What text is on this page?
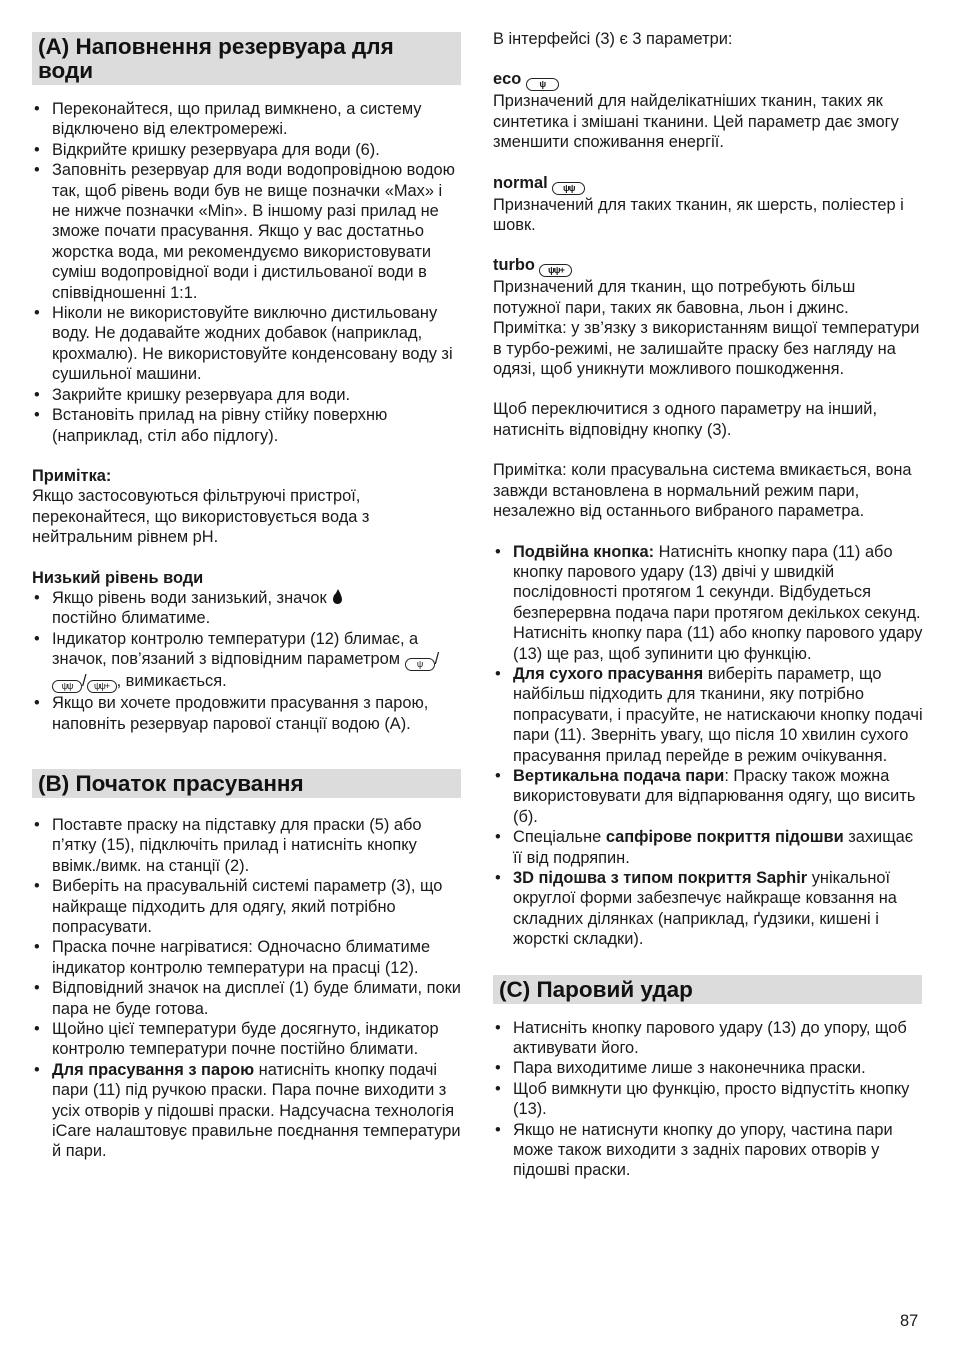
(A) Наповнення резервуара для води
• Переконайтеся, що прилад вимкнено, а систему відключено від електромережі.
• Відкрийте кришку резервуара для води (6).
• Заповніть резервуар для води водопровідною водою так, щоб рівень води був не вище позначки «Max» і не нижче позначки «Min». В іншому разі прилад не зможе почати прасування. Якщо у вас достатньо жорстка вода, ми рекомендуємо використовувати суміш водопровідної води і дистильованої води в співвідношенні 1:1.
• Ніколи не використовуйте виключно дистильовану воду. Не додавайте жодних добавок (наприклад, крохмалю). Не використовуйте конденсовану воду зі сушильної машини.
• Закрийте кришку резервуара для води.
• Встановіть прилад на рівну стійку поверхню (наприклад, стіл або підлогу).

Примітка:

Якщо застосовуються фільтруючі пристрої, переконайтеся, що використовується вода з нейтральним рівнем pH.

Низький рівень води

• Якщо рівень води занизький, значок
постійно блиматиме.
• Індикатор контролю температури (12) блимає, а значок, пов’язаний з відповідним параметром ψ /ψψ / ψψ+ , вимикається.
• Якщо ви хочете продовжити прасування з парою, наповніть резервуар парової станції водою (A).
(B) Початок прасування
• Поставте праску на підставку для праски (5) або п’ятку (15), підключіть прилад і натисніть кнопку ввімк./вимк. на станції (2).
• Виберіть на прасувальній системі параметр (3), що найкраще підходить для одягу, який потрібно попрасувати.
• Праска почне нагріватися: Одночасно блиматиме індикатор контролю температури на прасці (12).
• Відповідний значок на дисплеї (1) буде блимати, поки пара не буде готова.
• Щойно цієї температури буде досягнуто, індикатор контролю температури почне постійно блимати.
• Для прасування з парою натисніть кнопку подачі пари (11) під ручкою праски. Пара почне виходити з усіх отворів у підошві праски. Надсучасна технологія iCare налаштовує правильне поєднання температури й пари.

В інтерфейсі (3) є 3 параметри:

eco ψ

Призначений для найделікатніших тканин, таких як синтетика і змішані тканини. Цей параметр дає змогу зменшити споживання енергії.

normal ψψ

Призначений для таких тканин, як шерсть, поліестер і шовк.

turbo ψψ+

Призначений для тканин, що потребують більш потужної пари, таких як бавовна, льон і джинс. Примітка: у зв’язку з використанням вищої температури в турбо-режимі, не залишайте праску без нагляду на одязі, щоб уникнути можливого пошкодження.

Щоб переключитися з одного параметру на інший, натисніть відповідну кнопку (3).

Примітка: коли прасувальна система вмикається, вона завжди встановлена в нормальний режим пари, незалежно від останнього вибраного параметра.

• Подвійна кнопка: Натисніть кнопку пара (11) або кнопку парового удару (13) двічі у швидкій послідовності протягом 1 секунди. Відбудеться безперервна подача пари протягом декількох секунд. Натисніть кнопку пара (11) або кнопку парового удару (13) ще раз, щоб зупинити цю функцію.
• Для сухого прасування виберіть параметр, що найбільш підходить для тканини, яку потрібно попрасувати, і прасуйте, не натискаючи кнопку подачі пари (11). Зверніть увагу, що після 10 хвилин сухого прасування прилад перейде в режим очікування.
• Вертикальна подача пари: Праску також можна використовувати для відпарювання одягу, що висить (б).
• Спеціальне сапфірове покриття підошви захищає її від подряпин.
• 3D підошва з типом покриття Saphir унікальної округлої форми забезпечує найкраще ковзання на складних ділянках (наприклад, ґудзики, кишені і жорсткі складки).
(C) Паровий удар
• Натисніть кнопку парового удару (13) до упору, щоб активувати його.
• Пара виходитиме лише з наконечника праски.
• Щоб вимкнути цю функцію, просто відпустіть кнопку (13).
• Якщо не натиснути кнопку до упору, частина пари може також виходити з задніх парових отворів у підошві праски.
87
